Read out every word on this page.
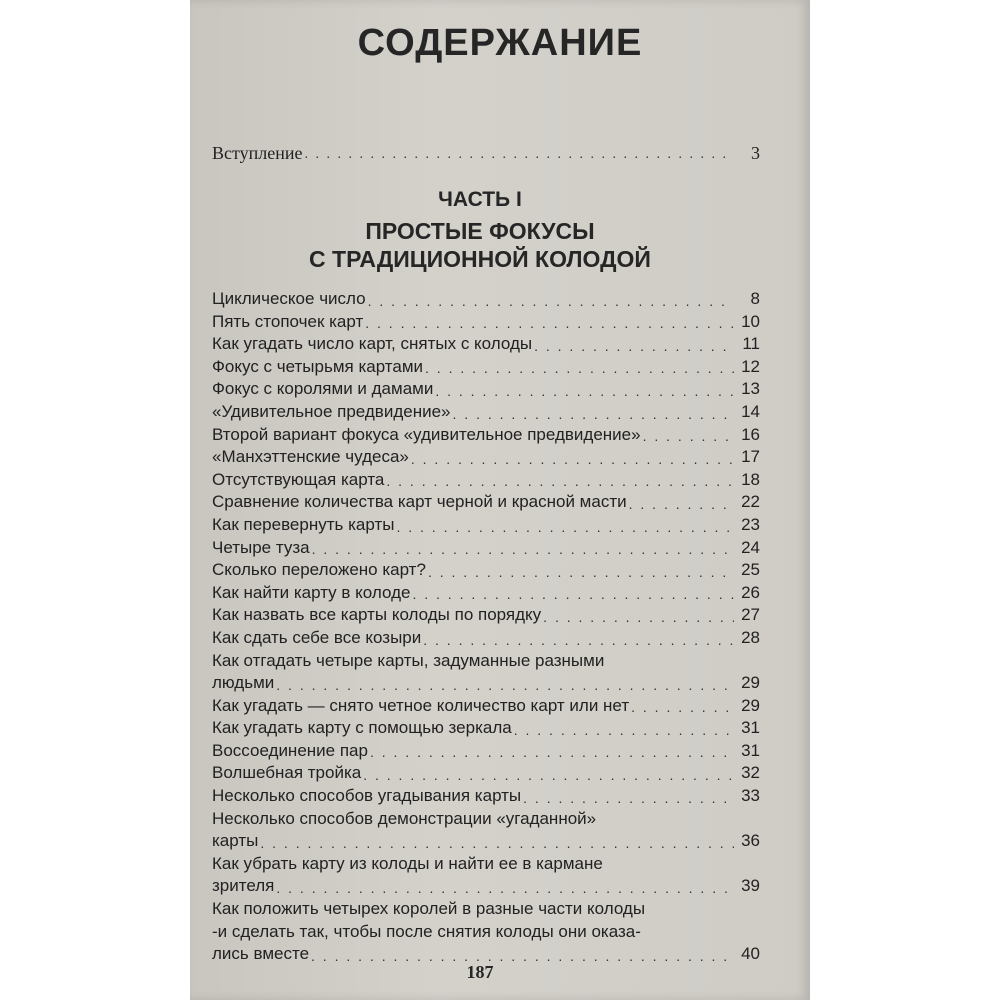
СОДЕРЖАНИЕ
Вступление . . .	3
ЧАСТЬ I
ПРОСТЫЕ ФОКУСЫ
С ТРАДИЦИОННОЙ КОЛОДОЙ
Циклическое число . . .	8
Пять стопочек карт . . .	10
Как угадать число карт, снятых с колоды . . .	11
Фокус с четырьмя картами . . .	12
Фокус с королями и дамами . . .	13
«Удивительное предвидение» . . .	14
Второй вариант фокуса «удивительное предвидение» . . .	16
«Манхэттенские чудеса» . . .	17
Отсутствующая карта . . .	18
Сравнение количества карт черной и красной масти . . .	22
Как перевернуть карты . . .	23
Четыре туза . . .	24
Сколько переложено карт? . . .	25
Как найти карту в колоде . . .	26
Как назвать все карты колоды по порядку . . .	27
Как сдать себе все козыри . . .	28
Как отгадать четыре карты, задуманные разными
людьми . . .	29
Как угадать — снято четное количество карт или нет . . .	29
Как угадать карту с помощью зеркала . . .	31
Воссоединение пар . . .	31
Волшебная тройка . . .	32
Несколько способов угадывания карты . . .	33
Несколько способов демонстрации «угаданной»
карты . . .	36
Как убрать карту из колоды и найти ее в кармане
зрителя . . .	39
Как положить четырех королей в разные части колоды
-и сделать так, чтобы после снятия колоды они оказа-
лись вместе . . .	40
187
